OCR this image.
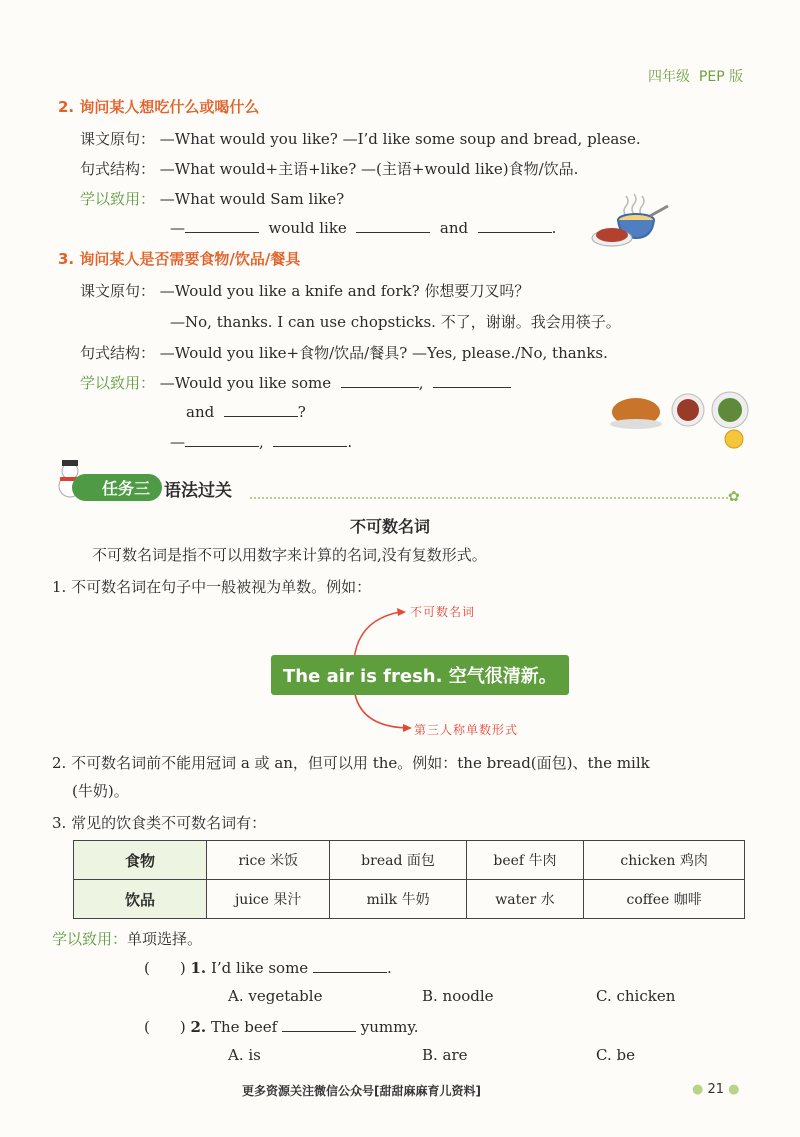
四年级 PEP 版
2. 询问某人想吃什么或喝什么
课文原句： —What would you like? —I’d like some soup and bread, please.
句式结构： —What would+主语+like? —(主语+would like)食物/饮品.
学以致用： —What would Sam like?
—	would like	and	.
3. 询问某人是否需要食物/饮品/餐具
课文原句： —Would you like a knife and fork? 你想要刀叉吗？
—No, thanks. I can use chopsticks. 不了，谢谢。我会用筷子。
句式结构： —Would you like+食物/饮品/餐具? —Yes, please./No, thanks.
学以致用： —Would you like some	,
and	?
—	,	.
任务三 语法过关	✿
不可数名词
不可数名词是指不可以用数字来计算的名词,没有复数形式。
1. 不可数名词在句子中一般被视为单数。例如：
不可数名词
The air is fresh. 空气很清新。
第三人称单数形式
2. 不可数名词前不能用冠词 a 或 an，但可以用 the。例如：the bread(面包)、the milk
(牛奶)。
3. 常见的饮食类不可数名词有：
食物	rice 米饭	bread 面包	beef 牛肉	chicken 鸡肉
饮品	juice 果汁	milk 牛奶	water 水	coffee 咖啡
学以致用：单项选择。
(　　) 1. I’d like some	.
A. vegetable	B. noodle	C. chicken
(　　) 2. The beef	yummy.
A. is	B. are	C. be
更多资源关注微信公众号[甜甜麻麻育儿资料]	● 21 ●
